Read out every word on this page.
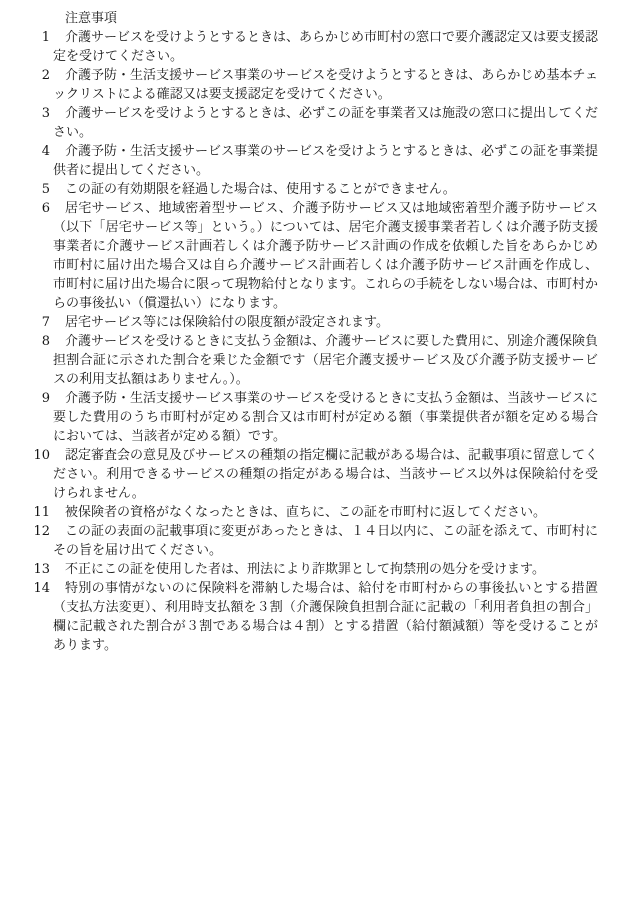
注意事項

1 介護サービスを受けようとするときは、あらかじめ市町村の窓口で要介護認定又は要支援認定を受けてください。

2 介護予防・生活支援サービス事業のサービスを受けようとするときは、あらかじめ基本チェックリストによる確認又は要支援認定を受けてください。

3 介護サービスを受けようとするときは、必ずこの証を事業者又は施設の窓口に提出してください。

4 介護予防・生活支援サービス事業のサービスを受けようとするときは、必ずこの証を事業提供者に提出してください。

5 この証の有効期限を経過した場合は、使用することができません。

6 居宅サービス、地域密着型サービス、介護予防サービス又は地域密着型介護予防サービス（以下「居宅サービス等」という。）については、居宅介護支援事業者若しくは介護予防支援事業者に介護サービス計画若しくは介護予防サービス計画の作成を依頼した旨をあらかじめ市町村に届け出た場合又は自ら介護サービス計画若しくは介護予防サービス計画を作成し、市町村に届け出た場合に限って現物給付となります。これらの手続をしない場合は、市町村からの事後払い（償還払い）になります。

7 居宅サービス等には保険給付の限度額が設定されます。

8 介護サービスを受けるときに支払う金額は、介護サービスに要した費用に、別途介護保険負担割合証に示された割合を乗じた金額です（居宅介護支援サービス及び介護予防支援サービスの利用支払額はありません。）。

9 介護予防・生活支援サービス事業のサービスを受けるときに支払う金額は、当該サービスに要した費用のうち市町村が定める割合又は市町村が定める額（事業提供者が額を定める場合においては、当該者が定める額）です。

10 認定審査会の意見及びサービスの種類の指定欄に記載がある場合は、記載事項に留意してください。利用できるサービスの種類の指定がある場合は、当該サービス以外は保険給付を受けられません。

11 被保険者の資格がなくなったときは、直ちに、この証を市町村に返してください。

12 この証の表面の記載事項に変更があったときは、１４日以内に、この証を添えて、市町村にその旨を届け出てください。

13 不正にこの証を使用した者は、刑法により詐欺罪として拘禁刑の処分を受けます。

14 特別の事情がないのに保険料を滞納した場合は、給付を市町村からの事後払いとする措置（支払方法変更）、利用時支払額を３割（介護保険負担割合証に記載の「利用者負担の割合」欄に記載された割合が３割である場合は４割）とする措置（給付額減額）等を受けることがあります。
